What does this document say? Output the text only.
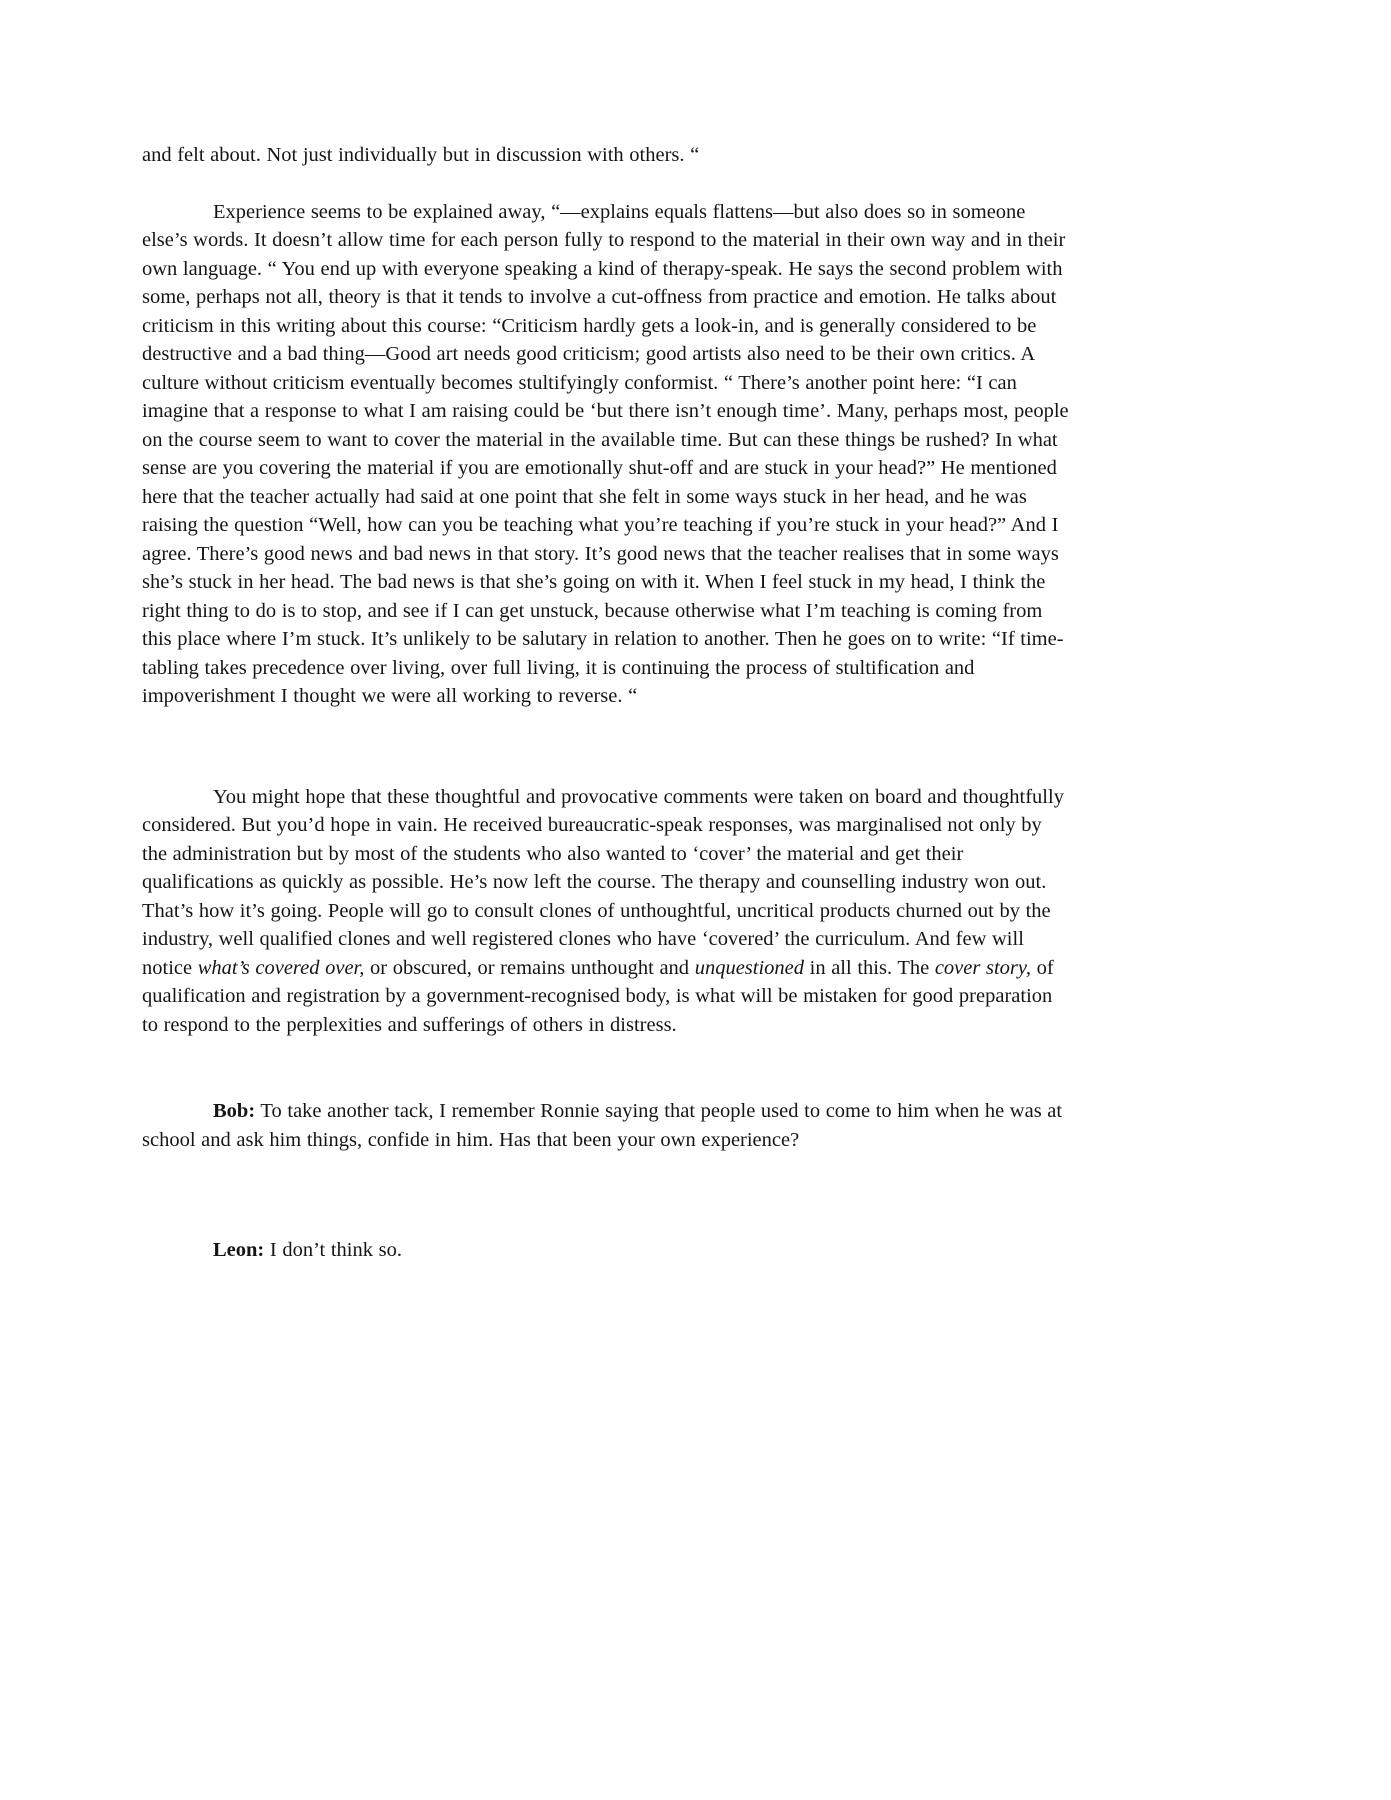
and felt about. Not just individually but in discussion with others. “

Experience seems to be explained away, “—explains equals flattens—but also does so in someone else’s words. It doesn’t allow time for each person fully to respond to the material in their own way and in their own language. “ You end up with everyone speaking a kind of therapy-speak. He says the second problem with some, perhaps not all, theory is that it tends to involve a cut-offness from practice and emotion. He talks about criticism in this writing about this course: “Criticism hardly gets a look-in, and is generally considered to be destructive and a bad thing—Good art needs good criticism; good artists also need to be their own critics. A culture without criticism eventually becomes stultifyingly conformist. “ There’s another point here: “I can imagine that a response to what I am raising could be ‘but there isn’t enough time’. Many, perhaps most, people on the course seem to want to cover the material in the available time. But can these things be rushed? In what sense are you covering the material if you are emotionally shut-off and are stuck in your head?” He mentioned here that the teacher actually had said at one point that she felt in some ways stuck in her head, and he was raising the question “Well, how can you be teaching what you’re teaching if you’re stuck in your head?” And I agree. There’s good news and bad news in that story. It’s good news that the teacher realises that in some ways she’s stuck in her head. The bad news is that she’s going on with it. When I feel stuck in my head, I think the right thing to do is to stop, and see if I can get unstuck, because otherwise what I’m teaching is coming from this place where I’m stuck. It’s unlikely to be salutary in relation to another. Then he goes on to write: “If time-tabling takes precedence over living, over full living, it is continuing the process of stultification and impoverishment I thought we were all working to reverse. “

You might hope that these thoughtful and provocative comments were taken on board and thoughtfully considered. But you’d hope in vain. He received bureaucratic-speak responses, was marginalised not only by the administration but by most of the students who also wanted to ‘cover’ the material and get their qualifications as quickly as possible. He’s now left the course. The therapy and counselling industry won out. That’s how it’s going. People will go to consult clones of unthoughtful, uncritical products churned out by the industry, well qualified clones and well registered clones who have ‘covered’ the curriculum. And few will notice what’s covered over, or obscured, or remains unthought and unquestioned in all this. The cover story, of qualification and registration by a government-recognised body, is what will be mistaken for good preparation to respond to the perplexities and sufferings of others in distress.

Bob: To take another tack, I remember Ronnie saying that people used to come to him when he was at school and ask him things, confide in him. Has that been your own experience?

Leon: I don’t think so.
